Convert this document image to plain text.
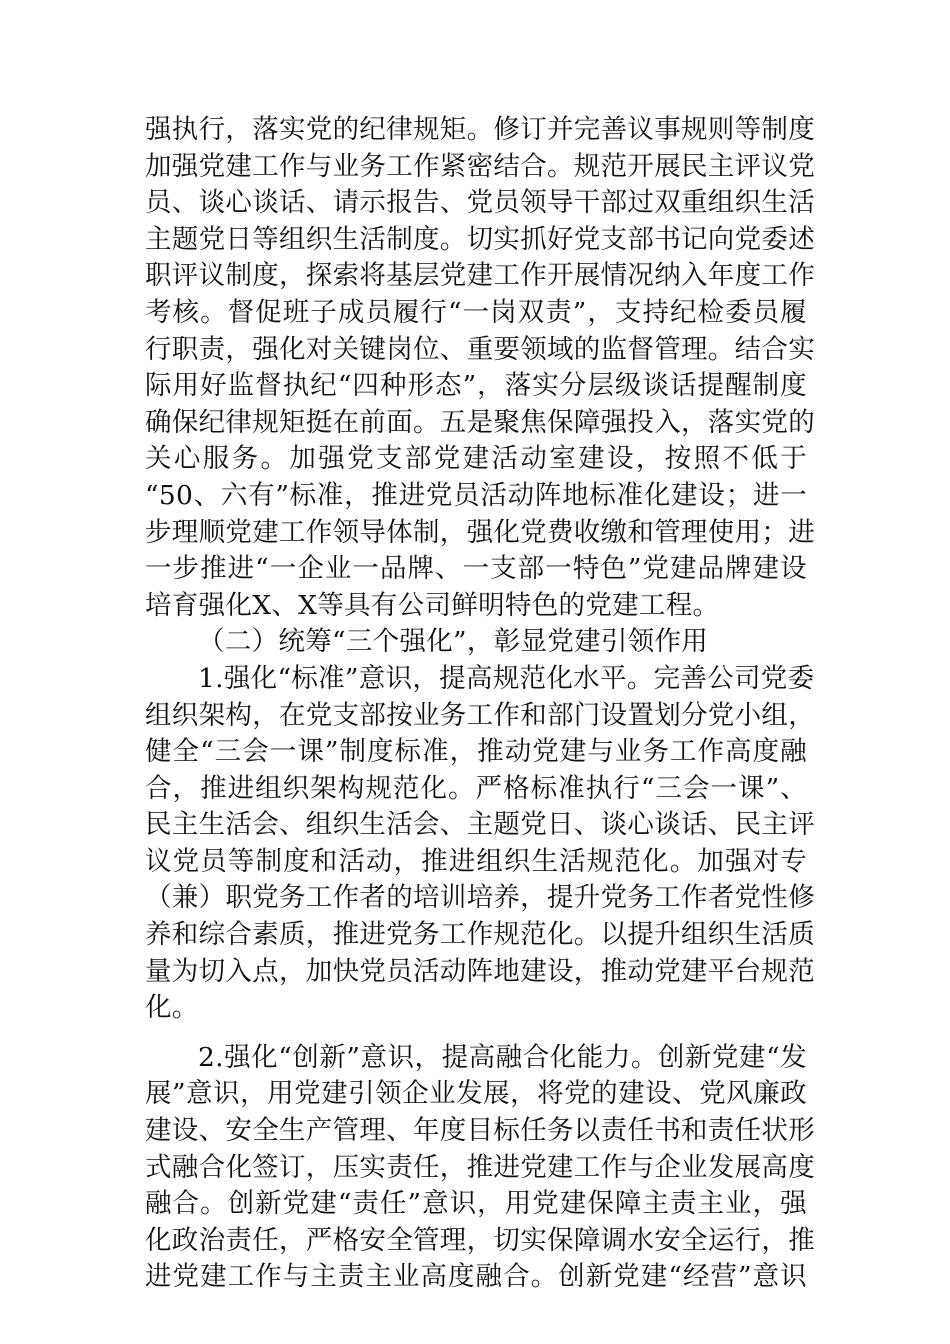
强执行，落实党的纪律规矩。修订并完善议事规则等制度
加强党建工作与业务工作紧密结合。规范开展民主评议党
员、谈心谈话、请示报告、党员领导干部过双重组织生活
主题党日等组织生活制度。切实抓好党支部书记向党委述
职评议制度，探索将基层党建工作开展情况纳入年度工作
考核。督促班子成员履行“一岗双责”，支持纪检委员履
行职责，强化对关键岗位、重要领域的监督管理。结合实
际用好监督执纪“四种形态”，落实分层级谈话提醒制度
确保纪律规矩挺在前面。五是聚焦保障强投入，落实党的
关心服务。加强党支部党建活动室建设，按照不低于
“50、六有”标准，推进党员活动阵地标准化建设；进一
步理顺党建工作领导体制，强化党费收缴和管理使用；进
一步推进“一企业一品牌、一支部一特色”党建品牌建设
培育强化X、X等具有公司鲜明特色的党建工程。
（二）统筹“三个强化”，彰显党建引领作用
1.强化“标准”意识，提高规范化水平。完善公司党委
组织架构，在党支部按业务工作和部门设置划分党小组，
健全“三会一课”制度标准，推动党建与业务工作高度融
合，推进组织架构规范化。严格标准执行“三会一课”、
民主生活会、组织生活会、主题党日、谈心谈话、民主评
议党员等制度和活动，推进组织生活规范化。加强对专
（兼）职党务工作者的培训培养，提升党务工作者党性修
养和综合素质，推进党务工作规范化。以提升组织生活质
量为切入点，加快党员活动阵地建设，推动党建平台规范
化。
2.强化“创新”意识，提高融合化能力。创新党建“发
展”意识，用党建引领企业发展，将党的建设、党风廉政
建设、安全生产管理、年度目标任务以责任书和责任状形
式融合化签订，压实责任，推进党建工作与企业发展高度
融合。创新党建“责任”意识，用党建保障主责主业，强
化政治责任，严格安全管理，切实保障调水安全运行，推
进党建工作与主责主业高度融合。创新党建“经营”意识
